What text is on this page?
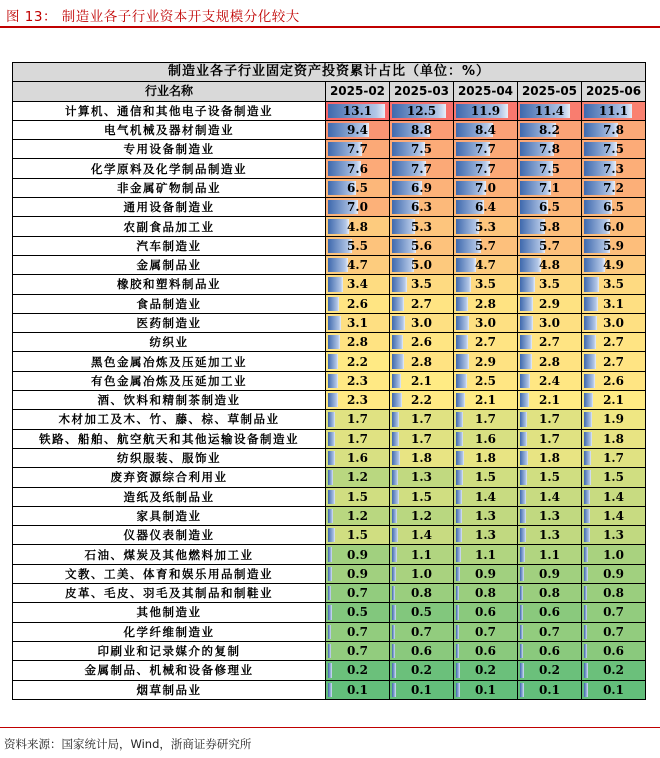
图 13： 制造业各子行业资本开支规模分化较大
制造业各子行业固定资产投资累计占比（单位：%）					
行业名称	2025-02	2025-03	2025-04	2025-05	2025-06
计算机、通信和其他电子设备制造业	13.1	12.5	11.9	11.4	11.1
电气机械及器材制造业	9.4	8.8	8.4	8.2	7.8
专用设备制造业	7.7	7.5	7.7	7.8	7.5
化学原料及化学制品制造业	7.6	7.7	7.7	7.5	7.3
非金属矿物制品业	6.5	6.9	7.0	7.1	7.2
通用设备制造业	7.0	6.3	6.4	6.5	6.5
农副食品加工业	4.8	5.3	5.3	5.8	6.0
汽车制造业	5.5	5.6	5.7	5.7	5.9
金属制品业	4.7	5.0	4.7	4.8	4.9
橡胶和塑料制品业	3.4	3.5	3.5	3.5	3.5
食品制造业	2.6	2.7	2.8	2.9	3.1
医药制造业	3.1	3.0	3.0	3.0	3.0
纺织业	2.8	2.6	2.7	2.7	2.7
黑色金属冶炼及压延加工业	2.2	2.8	2.9	2.8	2.7
有色金属冶炼及压延加工业	2.3	2.1	2.5	2.4	2.6
酒、饮料和精制茶制造业	2.3	2.2	2.1	2.1	2.1
木材加工及木、竹、藤、棕、草制品业	1.7	1.7	1.7	1.7	1.9
铁路、船舶、航空航天和其他运输设备制造业	1.7	1.7	1.6	1.7	1.8
纺织服装、服饰业	1.6	1.8	1.8	1.8	1.7
废弃资源综合利用业	1.2	1.3	1.5	1.5	1.5
造纸及纸制品业	1.5	1.5	1.4	1.4	1.4
家具制造业	1.2	1.2	1.3	1.3	1.4
仪器仪表制造业	1.5	1.4	1.3	1.3	1.3
石油、煤炭及其他燃料加工业	0.9	1.1	1.1	1.1	1.0
文教、工美、体育和娱乐用品制造业	0.9	1.0	0.9	0.9	0.9
皮革、毛皮、羽毛及其制品和制鞋业	0.7	0.8	0.8	0.8	0.8
其他制造业	0.5	0.5	0.6	0.6	0.7
化学纤维制造业	0.7	0.7	0.7	0.7	0.7
印刷业和记录媒介的复制	0.7	0.6	0.6	0.6	0.6
金属制品、机械和设备修理业	0.2	0.2	0.2	0.2	0.2
烟草制品业	0.1	0.1	0.1	0.1	0.1
资料来源：国家统计局，Wind，浙商证券研究所
